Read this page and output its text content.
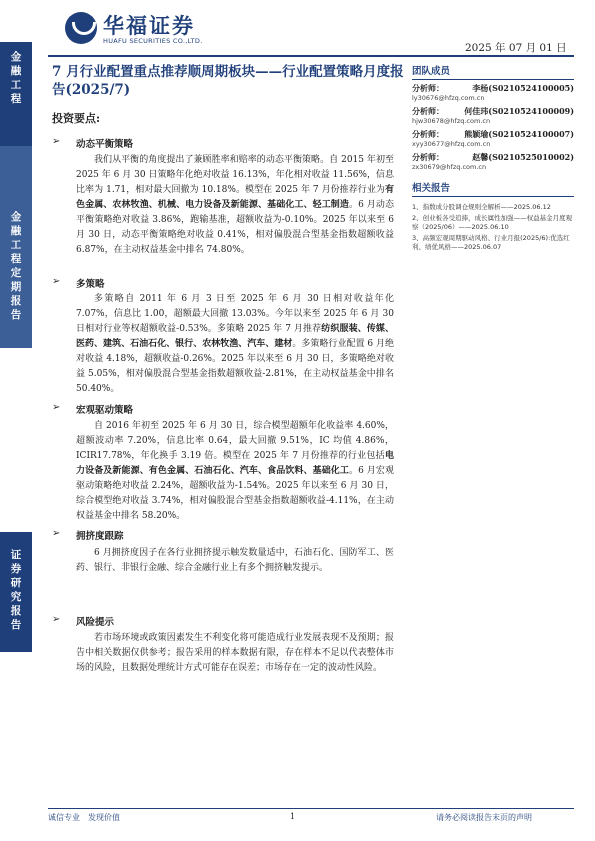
金融工程
金融工程定期报告
证券研究报告
华福证券
HUAFU SECURITIES CO.,LTD.
2025 年 07 月 01 日
7 月行业配置重点推荐顺周期板块——行业配置策略月度报告(2025/7)
投资要点:
➢ 动态平衡策略
我们从平衡的角度提出了兼顾胜率和赔率的动态平衡策略。自 2015 年初至 2025 年 6 月 30 日策略年化绝对收益 16.13%，年化相对收益 11.56%，信息比率为 1.71，相对最大回撤为 10.18%。模型在 2025 年 7 月份推荐行业为有色金属、农林牧渔、机械、电力设备及新能源、基础化工、轻工制造。6 月动态平衡策略绝对收益 3.86%，跑输基准，超额收益为-0.10%。2025 年以来至 6 月 30 日，动态平衡策略绝对收益 0.41%，相对偏股混合型基金指数超额收益 6.87%，在主动权益基金中排名 74.80%。
➢ 多策略
多策略自 2011 年 6 月 3 日至 2025 年 6 月 30 日相对收益年化 7.07%，信息比 1.00，超额最大回撤 13.03%。今年以来至 2025 年 6 月 30 日相对行业等权超额收益-0.53%。多策略 2025 年 7 月推荐纺织服装、传媒、医药、建筑、石油石化、银行、农林牧渔、汽车、建材。多策略行业配置 6 月绝对收益 4.18%，超额收益-0.26%。2025 年以来至 6 月 30 日，多策略绝对收益 5.05%，相对偏股混合型基金指数超额收益-2.81%，在主动权益基金中排名 50.40%。
➢ 宏观驱动策略
自 2016 年初至 2025 年 6 月 30 日，综合模型超额年化收益率 4.60%，超额波动率 7.20%，信息比率 0.64，最大回撤 9.51%，IC 均值 4.86%，ICIR17.78%，年化换手 3.19 倍。模型在 2025 年 7 月份推荐的行业包括电力设备及新能源、有色金属、石油石化、汽车、食品饮料、基础化工。6 月宏观驱动策略绝对收益 2.24%，超额收益为-1.54%。2025 年以来至 6 月 30 日，综合模型绝对收益 3.74%，相对偏股混合型基金指数超额收益-4.11%，在主动权益基金中排名 58.20%。
➢ 拥挤度跟踪
6 月拥挤度因子在各行业拥挤提示触发数量适中，石油石化、国防军工、医药、银行、非银行金融、综合金融行业上有多个拥挤触发提示。
➢ 风险提示
若市场环境或政策因素发生不利变化将可能造成行业发展表现不及预期；报告中相关数据仅供参考；报告采用的样本数据有限，存在样本不足以代表整体市场的风险，且数据处理统计方式可能存在误差；市场存在一定的波动性风险。
团队成员
分析师：	李杨(S0210524100005)
ly30676@hfzq.com.cn
分析师：	何佳玮(S0210524100009)
hjw30678@hfzq.com.cn
分析师：	熊颖瑜(S0210524100007)
xyy30677@hfzq.com.cn
分析师：	赵馨(S0210525010002)
zx30679@hfzq.com.cn
相关报告
1、指数成分股调仓规则全解析——2025.06.12
2、创业板各受追捧，成长属性加强——权益基金月度观察（2025/06）——2025.06.10
3、高频宏观周期驱动风格、行业月报(2025/6):优选红利、绩优风格——2025.06.07
诚信专业　发现价值	1	请务必阅读报告末页的声明
